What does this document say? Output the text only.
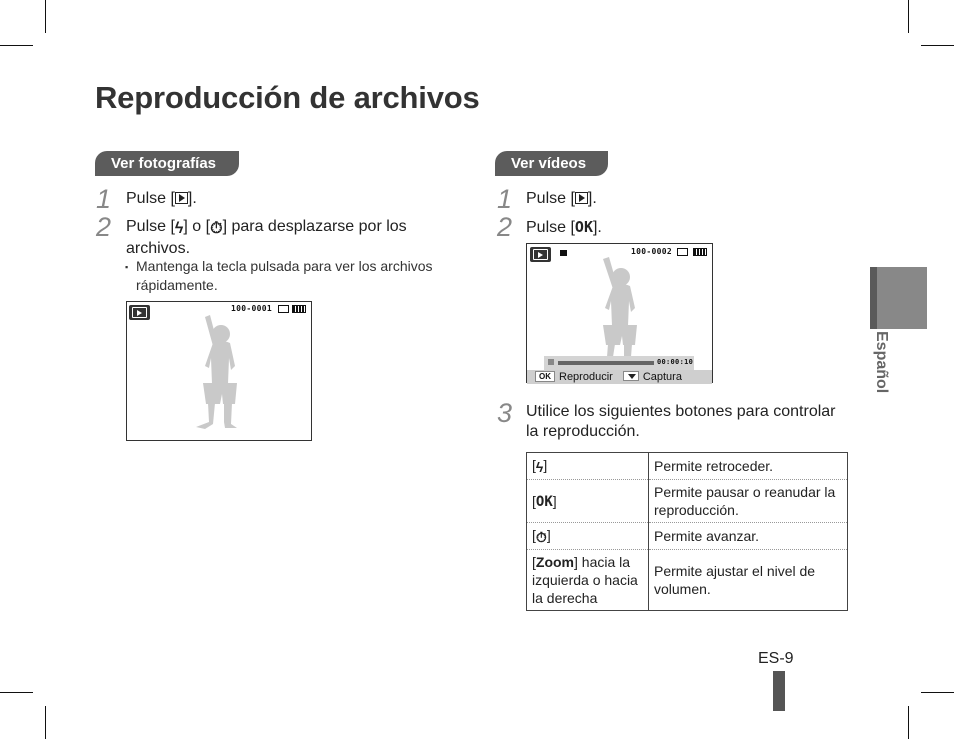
Reproducción de archivos
Ver fotografías
1 Pulse [ ].
2 Pulse [ϟ] o [⏱] para desplazarse por los
archivos.
▪ Mantenga la tecla pulsada para ver los archivos
rápidamente.
100-0001
Ver vídeos
1 Pulse [ ].
2 Pulse [OK].
100-0002
00:00:10
OK Reproducir	Captura
3 Utilice los siguientes botones para controlar
la reproducción.
[ϟ]	Permite retroceder.
[OK]	Permite pausar o reanudar la
reproducción.
[⏱]	Permite avanzar.
[Zoom] hacia la
izquierda o hacia
la derecha	Permite ajustar el nivel de
volumen.
Español
ES-9
